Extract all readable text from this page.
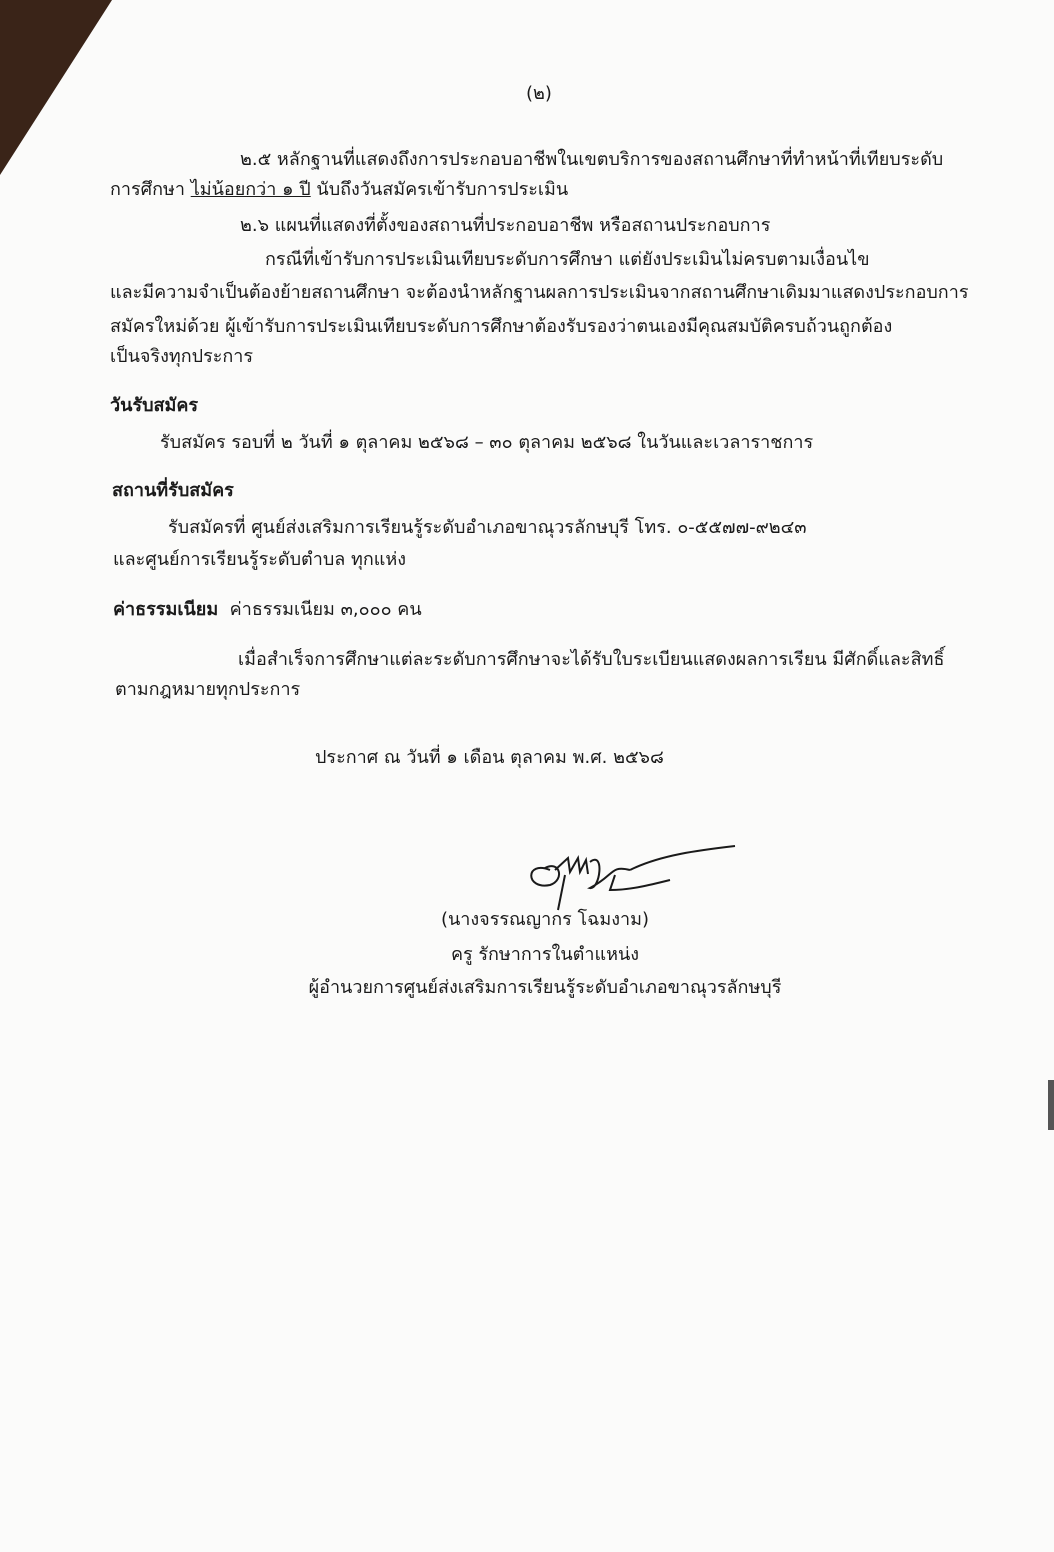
(๒)
๒.๕ หลักฐานที่แสดงถึงการประกอบอาชีพในเขตบริการของสถานศึกษาที่ทำหน้าที่เทียบระดับ
การศึกษา ไม่น้อยกว่า ๑ ปี นับถึงวันสมัครเข้ารับการประเมิน
๒.๖ แผนที่แสดงที่ตั้งของสถานที่ประกอบอาชีพ หรือสถานประกอบการ
กรณีที่เข้ารับการประเมินเทียบระดับการศึกษา แต่ยังประเมินไม่ครบตามเงื่อนไข
และมีความจำเป็นต้องย้ายสถานศึกษา จะต้องนำหลักฐานผลการประเมินจากสถานศึกษาเดิมมาแสดงประกอบการ
สมัครใหม่ด้วย ผู้เข้ารับการประเมินเทียบระดับการศึกษาต้องรับรองว่าตนเองมีคุณสมบัติครบถ้วนถูกต้อง
เป็นจริงทุกประการ
วันรับสมัคร
รับสมัคร รอบที่ ๒ วันที่ ๑ ตุลาคม ๒๕๖๘ – ๓๐ ตุลาคม ๒๕๖๘ ในวันและเวลาราชการ
สถานที่รับสมัคร
รับสมัครที่ ศูนย์ส่งเสริมการเรียนรู้ระดับอำเภอขาณุวรลักษบุรี โทร. ๐-๕๕๗๗-๙๒๔๓
และศูนย์การเรียนรู้ระดับตำบล ทุกแห่ง
ค่าธรรมเนียม ค่าธรรมเนียม ๓,๐๐๐ คน
เมื่อสำเร็จการศึกษาแต่ละระดับการศึกษาจะได้รับใบระเบียนแสดงผลการเรียน มีศักดิ์และสิทธิ์
ตามกฎหมายทุกประการ
ประกาศ ณ วันที่ ๑ เดือน ตุลาคม พ.ศ. ๒๕๖๘
(นางจรรณญากร โฉมงาม)
ครู รักษาการในตำแหน่ง
ผู้อำนวยการศูนย์ส่งเสริมการเรียนรู้ระดับอำเภอขาณุวรลักษบุรี
